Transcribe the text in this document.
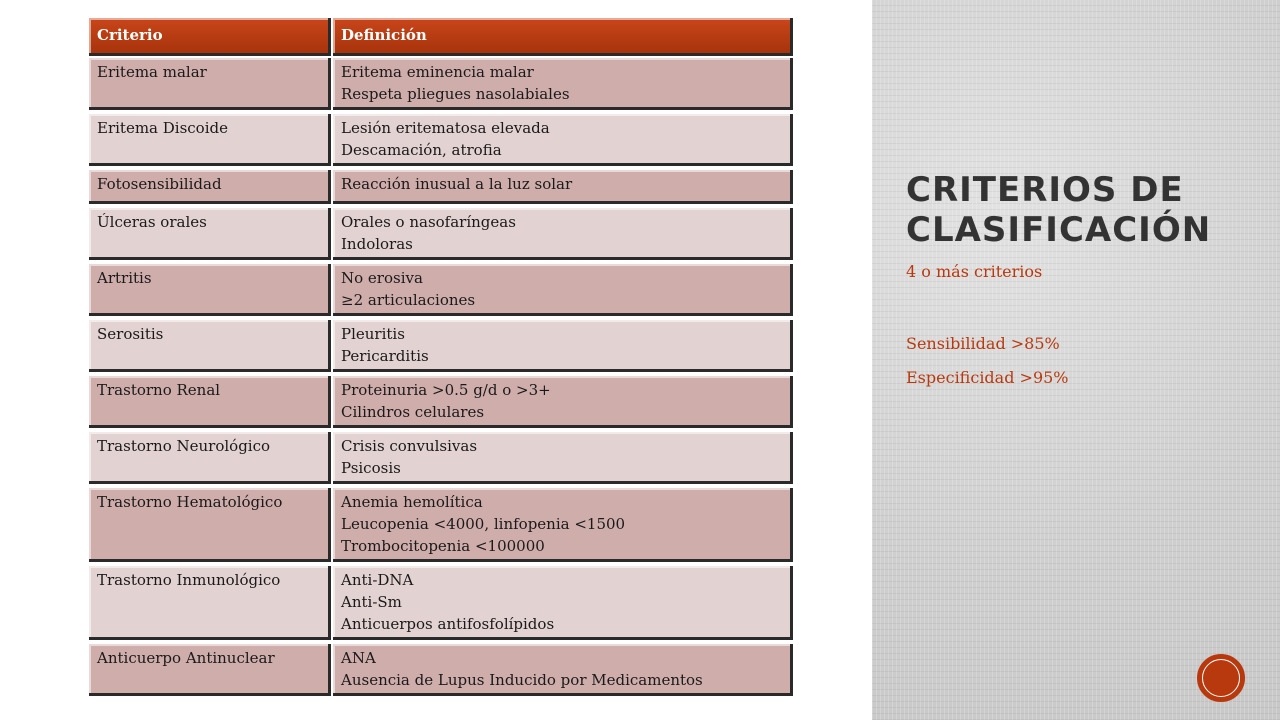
Criterio	Definición
Eritema malar	Eritema eminencia malar
Respeta pliegues nasolabiales
Eritema Discoide	Lesión eritematosa elevada
Descamación, atrofia
Fotosensibilidad	Reacción inusual a la luz solar
Úlceras orales	Orales o nasofaríngeas
Indoloras
Artritis	No erosiva
≥2 articulaciones
Serositis	Pleuritis
Pericarditis
Trastorno Renal	Proteinuria >0.5 g/d o >3+
Cilindros celulares
Trastorno Neurológico	Crisis convulsivas
Psicosis
Trastorno Hematológico	Anemia hemolítica
Leucopenia <4000, linfopenia <1500
Trombocitopenia <100000
Trastorno Inmunológico	Anti-DNA
Anti-Sm
Anticuerpos antifosfolípidos
Anticuerpo Antinuclear	ANA
Ausencia de Lupus Inducido por Medicamentos
CRITERIOS DE CLASIFICACIÓN

4 o más criterios

Sensibilidad >85%

Especificidad >95%
